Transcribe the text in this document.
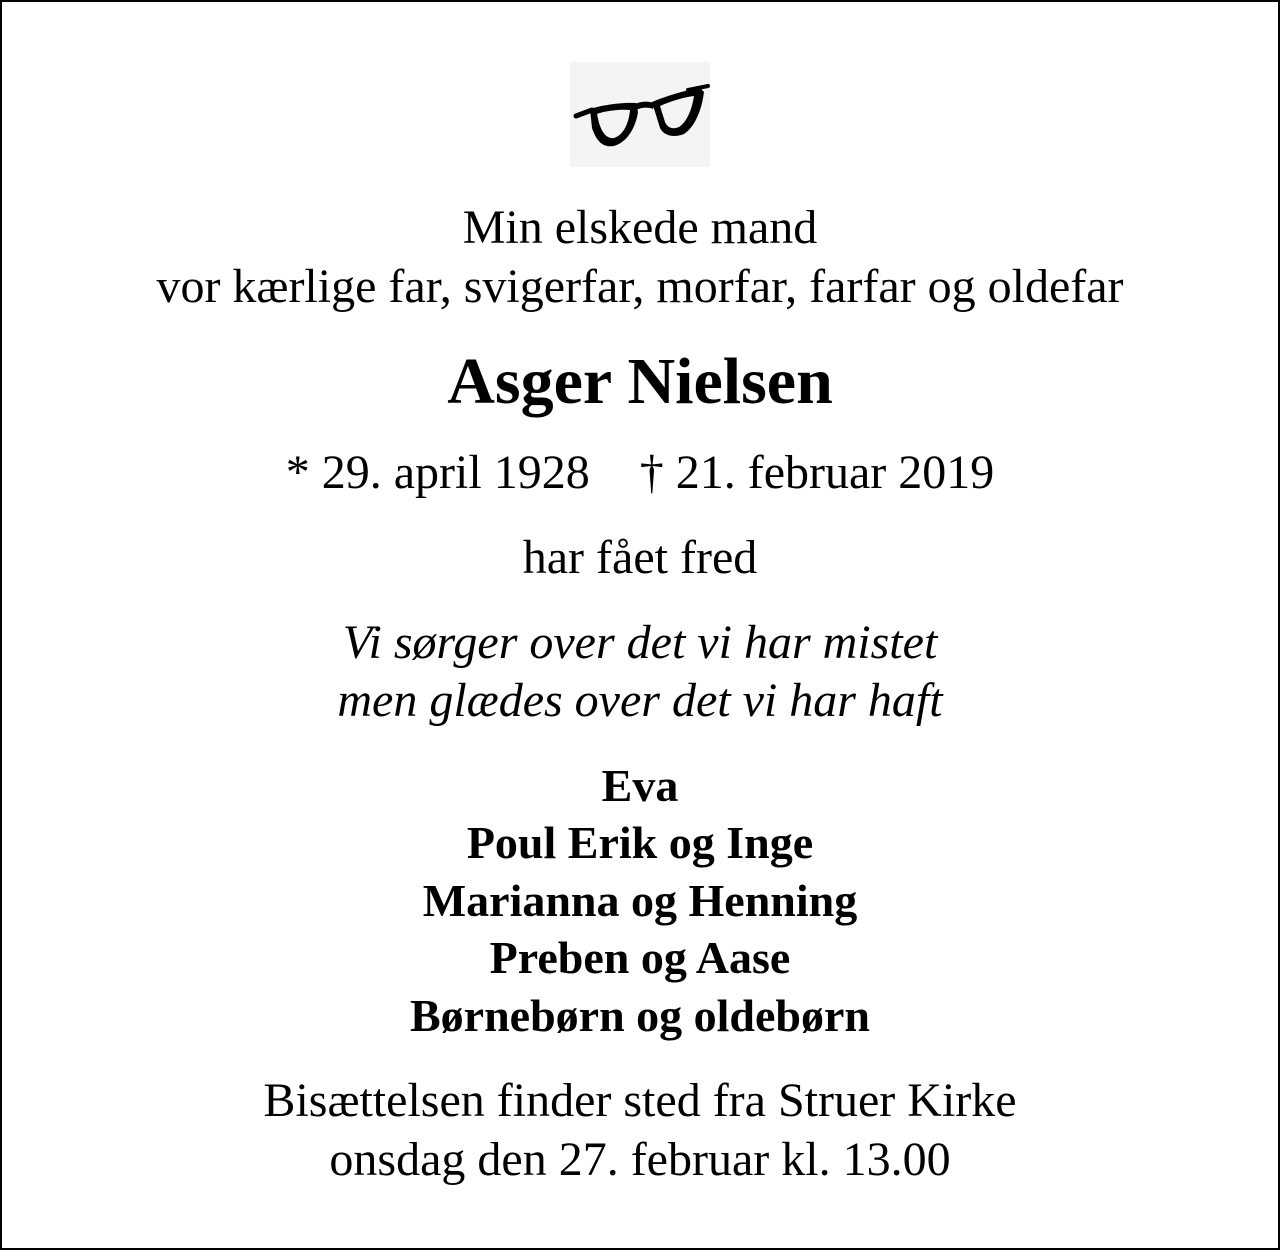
Min elskede mand
vor kærlige far, svigerfar, morfar, farfar og oldefar
Asger Nielsen
* 29. april 1928 † 21. februar 2019
har fået fred
Vi sørger over det vi har mistet
men glædes over det vi har haft
Eva
Poul Erik og Inge
Marianna og Henning
Preben og Aase
Børnebørn og oldebørn
Bisættelsen finder sted fra Struer Kirke
onsdag den 27. februar kl. 13.00
